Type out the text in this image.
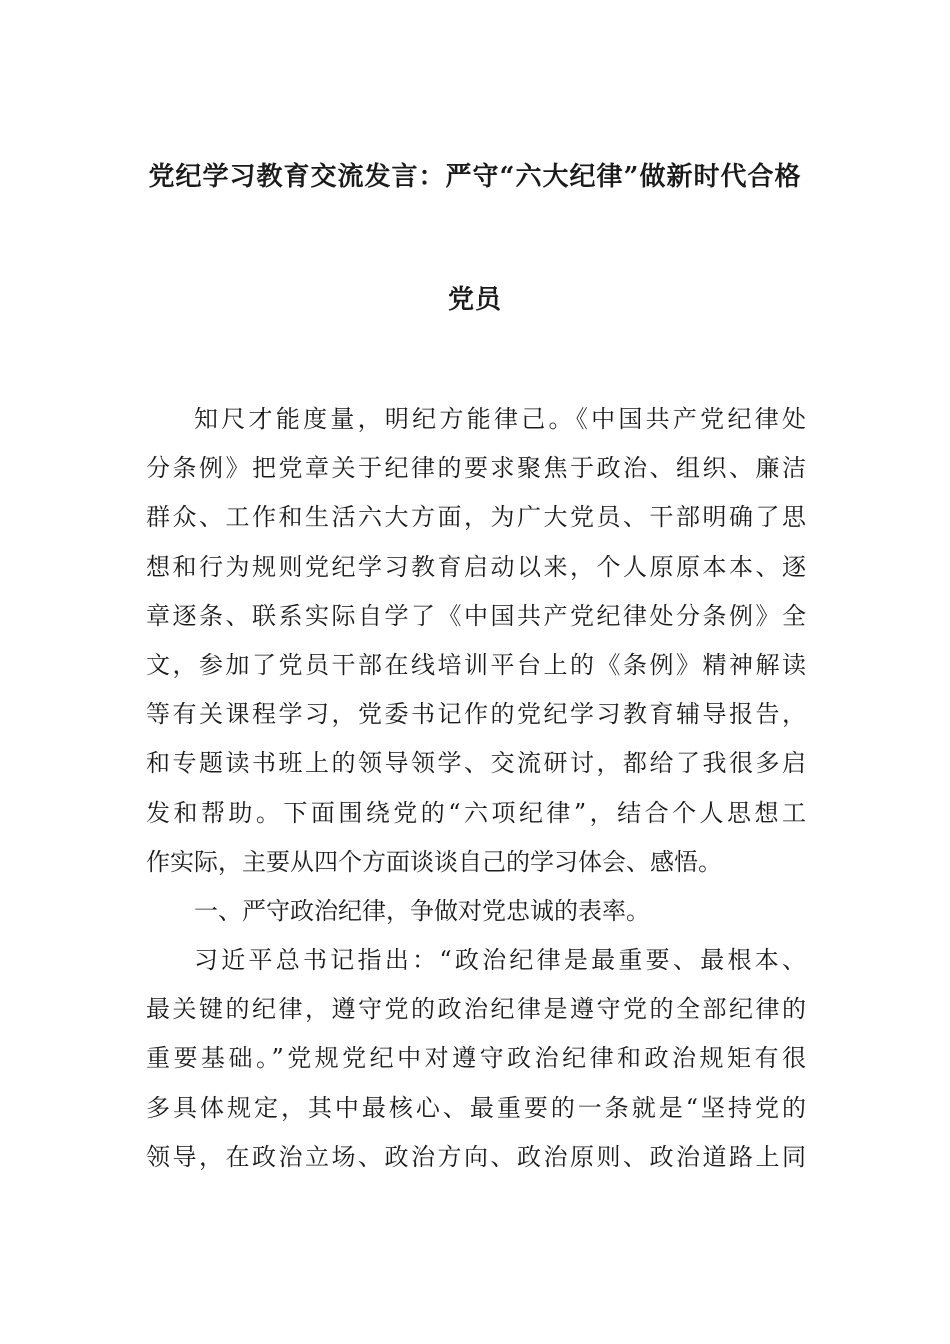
党纪学习教育交流发言：严守“六大纪律”做新时代合格
党员
知尺才能度量，明纪方能律己。《中国共产党纪律处
分条例》把党章关于纪律的要求聚焦于政治、组织、廉洁
群众、工作和生活六大方面，为广大党员、干部明确了思
想和行为规则党纪学习教育启动以来，个人原原本本、逐
章逐条、联系实际自学了《中国共产党纪律处分条例》全
文，参加了党员干部在线培训平台上的《条例》精神解读
等有关课程学习，党委书记作的党纪学习教育辅导报告，
和专题读书班上的领导领学、交流研讨，都给了我很多启
发和帮助。下面围绕党的“六项纪律”，结合个人思想工
作实际，主要从四个方面谈谈自己的学习体会、感悟。
一、严守政治纪律，争做对党忠诚的表率。
习近平总书记指出：“政治纪律是最重要、最根本、
最关键的纪律，遵守党的政治纪律是遵守党的全部纪律的
重要基础。”党规党纪中对遵守政治纪律和政治规矩有很
多具体规定，其中最核心、最重要的一条就是“坚持党的
领导，在政治立场、政治方向、政治原则、政治道路上同
